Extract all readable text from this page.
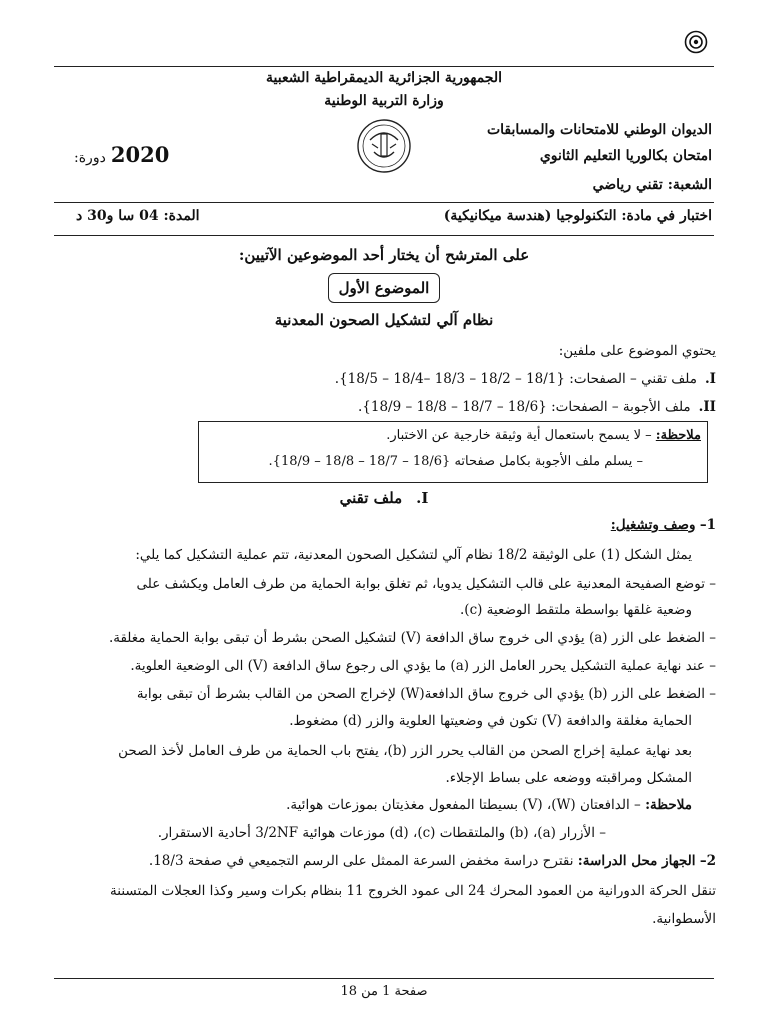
الجمهورية الجزائرية الديمقراطية الشعبية
وزارة التربية الوطنية
الديوان الوطني للامتحانات والمسابقات
امتحان بكالوريا التعليم الثانوي
الشعبة: تقني رياضي
2020 دورة:
اختبار في مادة: التكنولوجيا (هندسة ميكانيكية)
المدة: 04 سا و30 د
على المترشح أن يختار أحد الموضوعين الآتيين:
الموضوع الأول
نظام آلي لتشكيل الصحون المعدنية
يحتوي الموضوع على ملفين:
I.ملف تقني – الصفحات: {18/1 – 18/2 – 18/3 –18/4 – 18/5}.
II.ملف الأجوبة – الصفحات: {18/6 – 18/7 – 18/8 – 18/9}.
ملاحظة: – لا يسمح باستعمال أية وثيقة خارجية عن الاختبار.
– يسلم ملف الأجوبة بكامل صفحاته {18/6 – 18/7 – 18/8 – 18/9}.
I.ملف تقني
1– وصف وتشغيل:
يمثل الشكل (1) على الوثيقة 18/2 نظام آلي لتشكيل الصحون المعدنية، تتم عملية التشكيل كما يلي:
– توضع الصفيحة المعدنية على قالب التشكيل يدويا، ثم تغلق بوابة الحماية من طرف العامل ويكشف على
وضعية غلقها بواسطة ملتقط الوضعية (c).
– الضغط على الزر (a) يؤدي الى خروج ساق الدافعة (V) لتشكيل الصحن بشرط أن تبقى بوابة الحماية مغلقة.
– عند نهاية عملية التشكيل يحرر العامل الزر (a) ما يؤدي الى رجوع ساق الدافعة (V) الى الوضعية العلوية.
– الضغط على الزر (b) يؤدي الى خروج ساق الدافعة(W) لإخراج الصحن من القالب بشرط أن تبقى بوابة
الحماية مغلقة والدافعة (V) تكون في وضعيتها العلوية والزر (d) مضغوط.
بعد نهاية عملية إخراج الصحن من القالب يحرر الزر (b)، يفتح باب الحماية من طرف العامل لأخذ الصحن
المشكل ومراقبته ووضعه على بساط الإجلاء.
ملاحظة: – الدافعتان (W)، (V) بسيطتا المفعول مغذيتان بموزعات هوائية.
– الأزرار (a)، (b) والملتقطات (c)، (d) موزعات هوائية 3/2NF أحادية الاستقرار.
2– الجهاز محل الدراسة: نقترح دراسة مخفض السرعة الممثل على الرسم التجميعي في صفحة 18/3.
تنقل الحركة الدورانية من العمود المحرك 24 الى عمود الخروج 11 بنظام بكرات وسير وكذا العجلات المتسننة
الأسطوانية.
صفحة 1 من 18
